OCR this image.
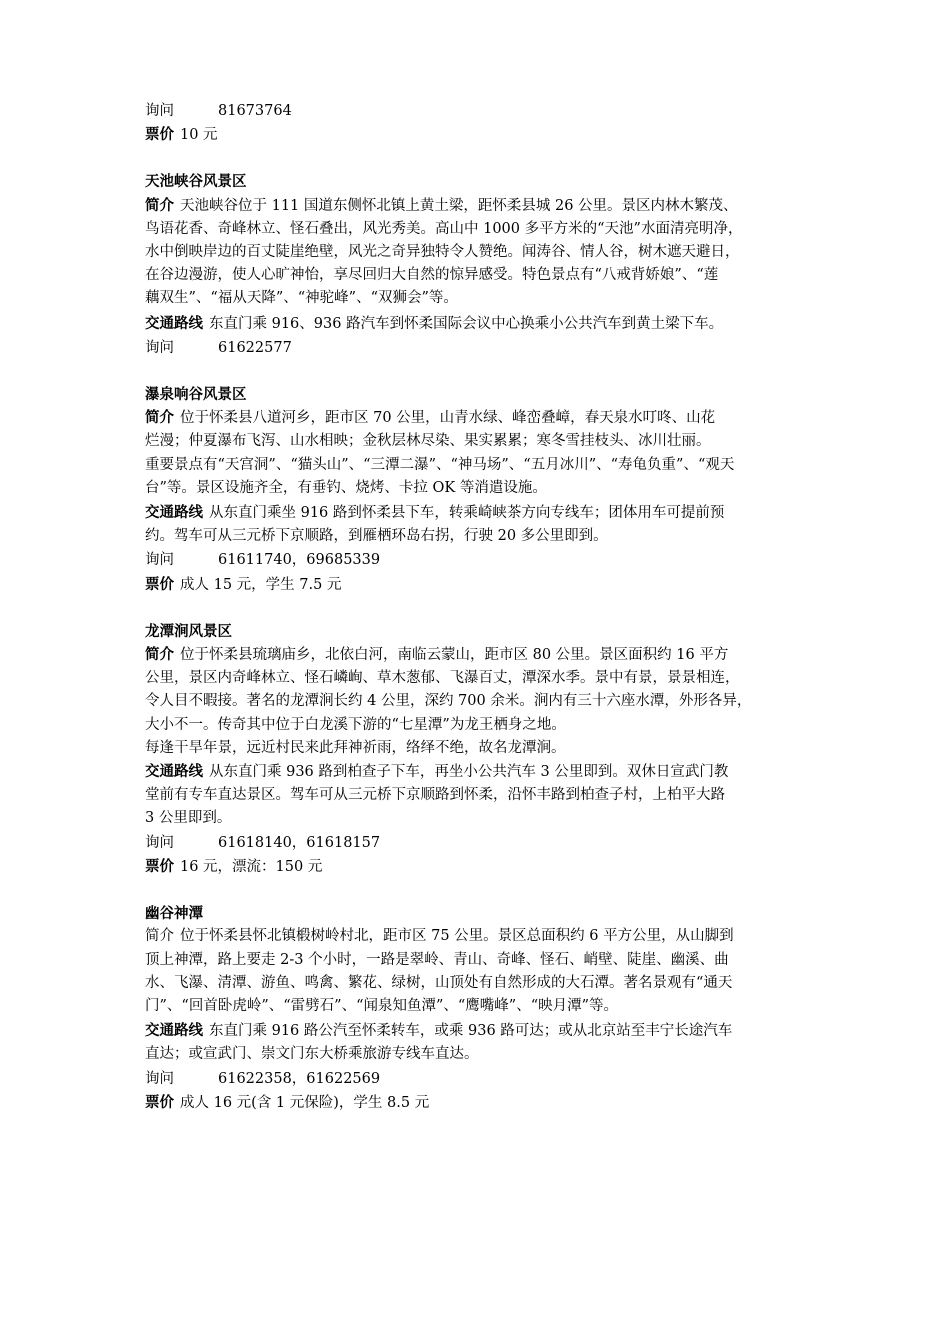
询问	81673764

票价 10 元

天池峡谷风景区

简介 天池峡谷位于 111 国道东侧怀北镇上黄土梁，距怀柔县城 26 公里。景区内林木繁茂、

鸟语花香、奇峰林立、怪石叠出，风光秀美。高山中 1000 多平方米的“天池”水面清亮明净，

水中倒映岸边的百丈陡崖绝壁，风光之奇异独特令人赞绝。闻涛谷、情人谷，树木遮天避日，

在谷边漫游，使人心旷神怡，享尽回归大自然的惊异感受。特色景点有“八戒背娇娘”、“莲

藕双生”、“福从天降”、“神驼峰”、“双狮会”等。

交通路线 东直门乘 916、936 路汽车到怀柔国际会议中心换乘小公共汽车到黄土梁下车。

询问	61622577

瀑泉响谷风景区

简介 位于怀柔县八道河乡，距市区 70 公里，山青水绿、峰峦叠嶂，春天泉水叮咚、山花

烂漫；仲夏瀑布飞泻、山水相映；金秋层林尽染、果实累累；寒冬雪挂枝头、冰川壮丽。

重要景点有“天宫洞”、“猫头山”、“三潭二瀑”、“神马场”、“五月冰川”、“寿龟负重”、“观天

台”等。景区设施齐全，有垂钓、烧烤、卡拉 OK 等消遣设施。

交通路线 从东直门乘坐 916 路到怀柔县下车，转乘崎峡茶方向专线车；团体用车可提前预

约。驾车可从三元桥下京顺路，到雁栖环岛右拐，行驶 20 多公里即到。

询问	61611740，69685339

票价 成人 15 元，学生 7.5 元

龙潭涧风景区

简介 位于怀柔县琉璃庙乡，北依白河，南临云蒙山，距市区 80 公里。景区面积约 16 平方

公里，景区内奇峰林立、怪石嶙峋、草木葱郁、飞瀑百丈，潭深水季。景中有景，景景相连，

令人目不暇接。著名的龙潭涧长约 4 公里，深约 700 余米。涧内有三十六座水潭，外形各异，

大小不一。传奇其中位于白龙溪下游的“七星潭”为龙王栖身之地。

每逢干旱年景，远近村民来此拜神祈雨，络绎不绝，故名龙潭涧。

交通路线 从东直门乘 936 路到柏查子下车，再坐小公共汽车 3 公里即到。双休日宣武门教

堂前有专车直达景区。驾车可从三元桥下京顺路到怀柔，沿怀丰路到柏查子村，上柏平大路

3 公里即到。

询问	61618140，61618157

票价 16 元，漂流：150 元

幽谷神潭

简介 位于怀柔县怀北镇椴树岭村北，距市区 75 公里。景区总面积约 6 平方公里，从山脚到

顶上神潭，路上要走 2-3 个小时，一路是翠岭、青山、奇峰、怪石、峭壁、陡崖、幽溪、曲

水、飞瀑、清潭、游鱼、鸣禽、繁花、绿树，山顶处有自然形成的大石潭。著名景观有“通天

门”、“回首卧虎岭”、“雷劈石”、“闻泉知鱼潭”、“鹰嘴峰”、“映月潭”等。

交通路线 东直门乘 916 路公汽至怀柔转车，或乘 936 路可达；或从北京站至丰宁长途汽车

直达；或宣武门、崇文门东大桥乘旅游专线车直达。

询问	61622358，61622569

票价 成人 16 元(含 1 元保险)，学生 8.5 元
